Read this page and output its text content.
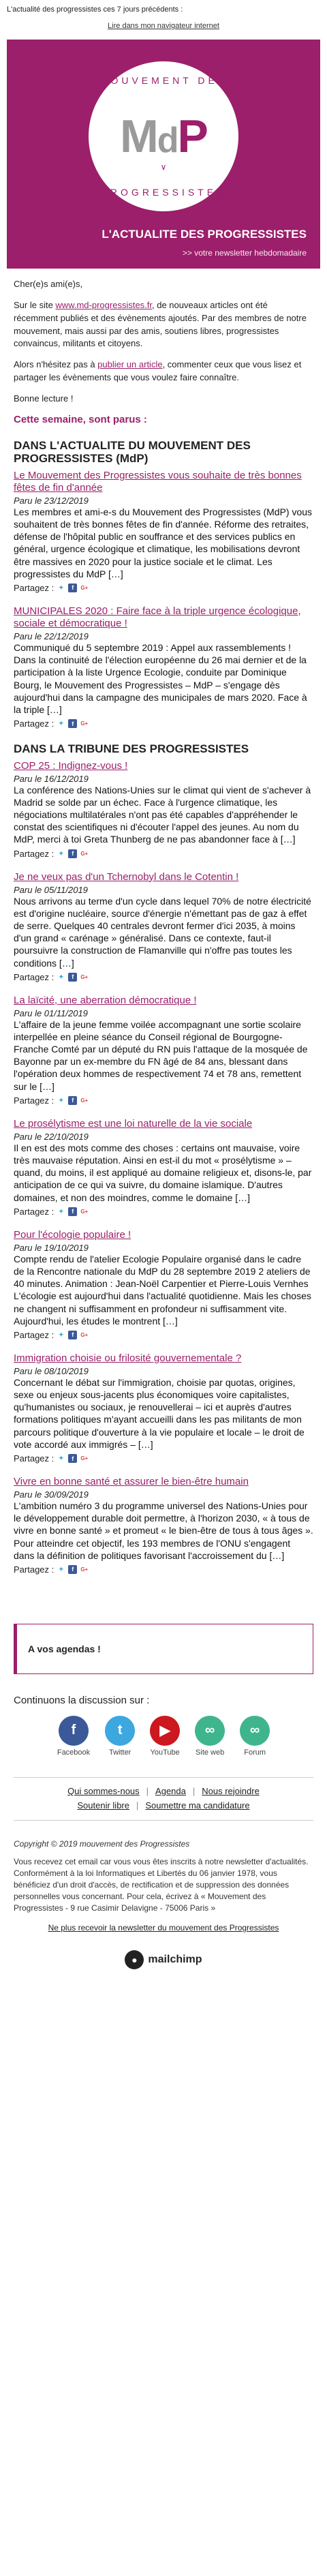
L'actualité des progressistes ces 7 jours précédents :
Lire dans mon navigateur internet
MOUVEMENT DES
M d P
∨
PROGRESSISTES
L'ACTUALITE DES PROGRESSISTES
>> votre newsletter hebdomadaire

Cher(e)s ami(e)s,

Sur le site www.md-progressistes.fr, de nouveaux articles ont été récemment publiés et des évènements ajoutés. Par des membres de notre mouvement, mais aussi par des amis, soutiens libres, progressistes convaincus, militants et citoyens.

Alors n'hésitez pas à publier un article, commenter ceux que vous lisez et partager les évènements que vous voulez faire connaître.

Bonne lecture !

Cette semaine, sont parus :
DANS L'ACTUALITE DU MOUVEMENT DES PROGRESSISTES (MdP)
Le Mouvement des Progressistes vous souhaite de très bonnes fêtes de fin d'année
Paru le 23/12/2019
Les membres et ami-e-s du Mouvement des Progressistes (MdP) vous souhaitent de très bonnes fêtes de fin d'année. Réforme des retraites, défense de l'hôpital public en souffrance et des services publics en général, urgence écologique et climatique, les mobilisations devront être massives en 2020 pour la justice sociale et le climat. Les progressistes du MdP […]
Partagez : ✦	f	G+
MUNICIPALES 2020 : Faire face à la triple urgence écologique, sociale et démocratique !
Paru le 22/12/2019
Communiqué du 5 septembre 2019 : Appel aux rassemblements ! Dans la continuité de l'élection européenne du 26 mai dernier et de la participation à la liste Urgence Ecologie, conduite par Dominique Bourg, le Mouvement des Progressistes – MdP – s'engage dès aujourd'hui dans la campagne des municipales de mars 2020. Face à la triple […]
Partagez : ✦	f	G+
DANS LA TRIBUNE DES PROGRESSISTES
COP 25 : Indignez-vous !
Paru le 16/12/2019
La conférence des Nations-Unies sur le climat qui vient de s'achever à Madrid se solde par un échec. Face à l'urgence climatique, les négociations multilatérales n'ont pas été capables d'appréhender le constat des scientifiques ni d'écouter l'appel des jeunes. Au nom du MdP, merci à toi Greta Thunberg de ne pas abandonner face à […]
Partagez : ✦	f	G+
Je ne veux pas d'un Tchernobyl dans le Cotentin !
Paru le 05/11/2019
Nous arrivons au terme d'un cycle dans lequel 70% de notre électricité est d'origine nucléaire, source d'énergie n'émettant pas de gaz à effet de serre. Quelques 40 centrales devront fermer d'ici 2035, à moins d'un grand « carénage » généralisé. Dans ce contexte, faut-il poursuivre la construction de Flamanville qui n'offre pas toutes les conditions […]
Partagez : ✦	f	G+
La laïcité, une aberration démocratique !
Paru le 01/11/2019
L'affaire de la jeune femme voilée accompagnant une sortie scolaire interpellée en pleine séance du Conseil régional de Bourgogne-Franche Comté par un député du RN puis l'attaque de la mosquée de Bayonne par un ex-membre du FN âgé de 84 ans, blessant dans l'opération deux hommes de respectivement 74 et 78 ans, remettent sur le […]
Partagez : ✦	f	G+
Le prosélytisme est une loi naturelle de la vie sociale
Paru le 22/10/2019
Il en est des mots comme des choses : certains ont mauvaise, voire très mauvaise réputation. Ainsi en est-il du mot « prosélytisme » – quand, du moins, il est appliqué au domaine religieux et, disons-le, par anticipation de ce qui va suivre, du domaine islamique. D'autres domaines, et non des moindres, comme le domaine […]
Partagez : ✦	f	G+
Pour l'écologie populaire !
Paru le 19/10/2019
Compte rendu de l'atelier Ecologie Populaire organisé dans le cadre de la Rencontre nationale du MdP du 28 septembre 2019 2 ateliers de 40 minutes. Animation : Jean-Noël Carpentier et Pierre-Louis Vernhes L'écologie est aujourd'hui dans l'actualité quotidienne. Mais les choses ne changent ni suffisamment en profondeur ni suffisamment vite. Aujourd'hui, les études le montrent […]
Partagez : ✦	f	G+
Immigration choisie ou frilosité gouvernementale ?
Paru le 08/10/2019
Concernant le débat sur l'immigration, choisie par quotas, origines, sexe ou enjeux sous-jacents plus économiques voire capitalistes, qu'humanistes ou sociaux, je renouvellerai – ici et auprès d'autres formations politiques m'ayant accueilli dans les pas militants de mon parcours politique d'ouverture à la vie populaire et locale – le droit de vote accordé aux immigrés – […]
Partagez : ✦	f	G+
Vivre en bonne santé et assurer le bien-être humain
Paru le 30/09/2019
L'ambition numéro 3 du programme universel des Nations-Unies pour le développement durable doit permettre, à l'horizon 2030, « à tous de vivre en bonne santé » et promeut « le bien-être de tous à tous âges ». Pour atteindre cet objectif, les 193 membres de l'ONU s'engagent dans la définition de politiques favorisant l'accroissement du […]
Partagez : ✦	f	G+
A vos agendas !
Continuons la discussion sur :
f
Facebook
t
Twitter
▶
YouTube
∞
Site web
∞
Forum
Qui sommes-nous | Agenda | Nous rejoindre
Soutenir libre | Soumettre ma candidature
Copyright © 2019 mouvement des Progressistes
Vous recevez cet email car vous vous êtes inscrits à notre newsletter d'actualités.
Conformément à la loi Informatiques et Libertés du 06 janvier 1978, vous bénéficiez d'un droit d'accès, de rectification et de suppression des données personnelles vous concernant. Pour cela, écrivez à « Mouvement des Progressistes - 9 rue Casimir Delavigne - 75006 Paris »
Ne plus recevoir la newsletter du mouvement des Progressistes
● mailchimp
